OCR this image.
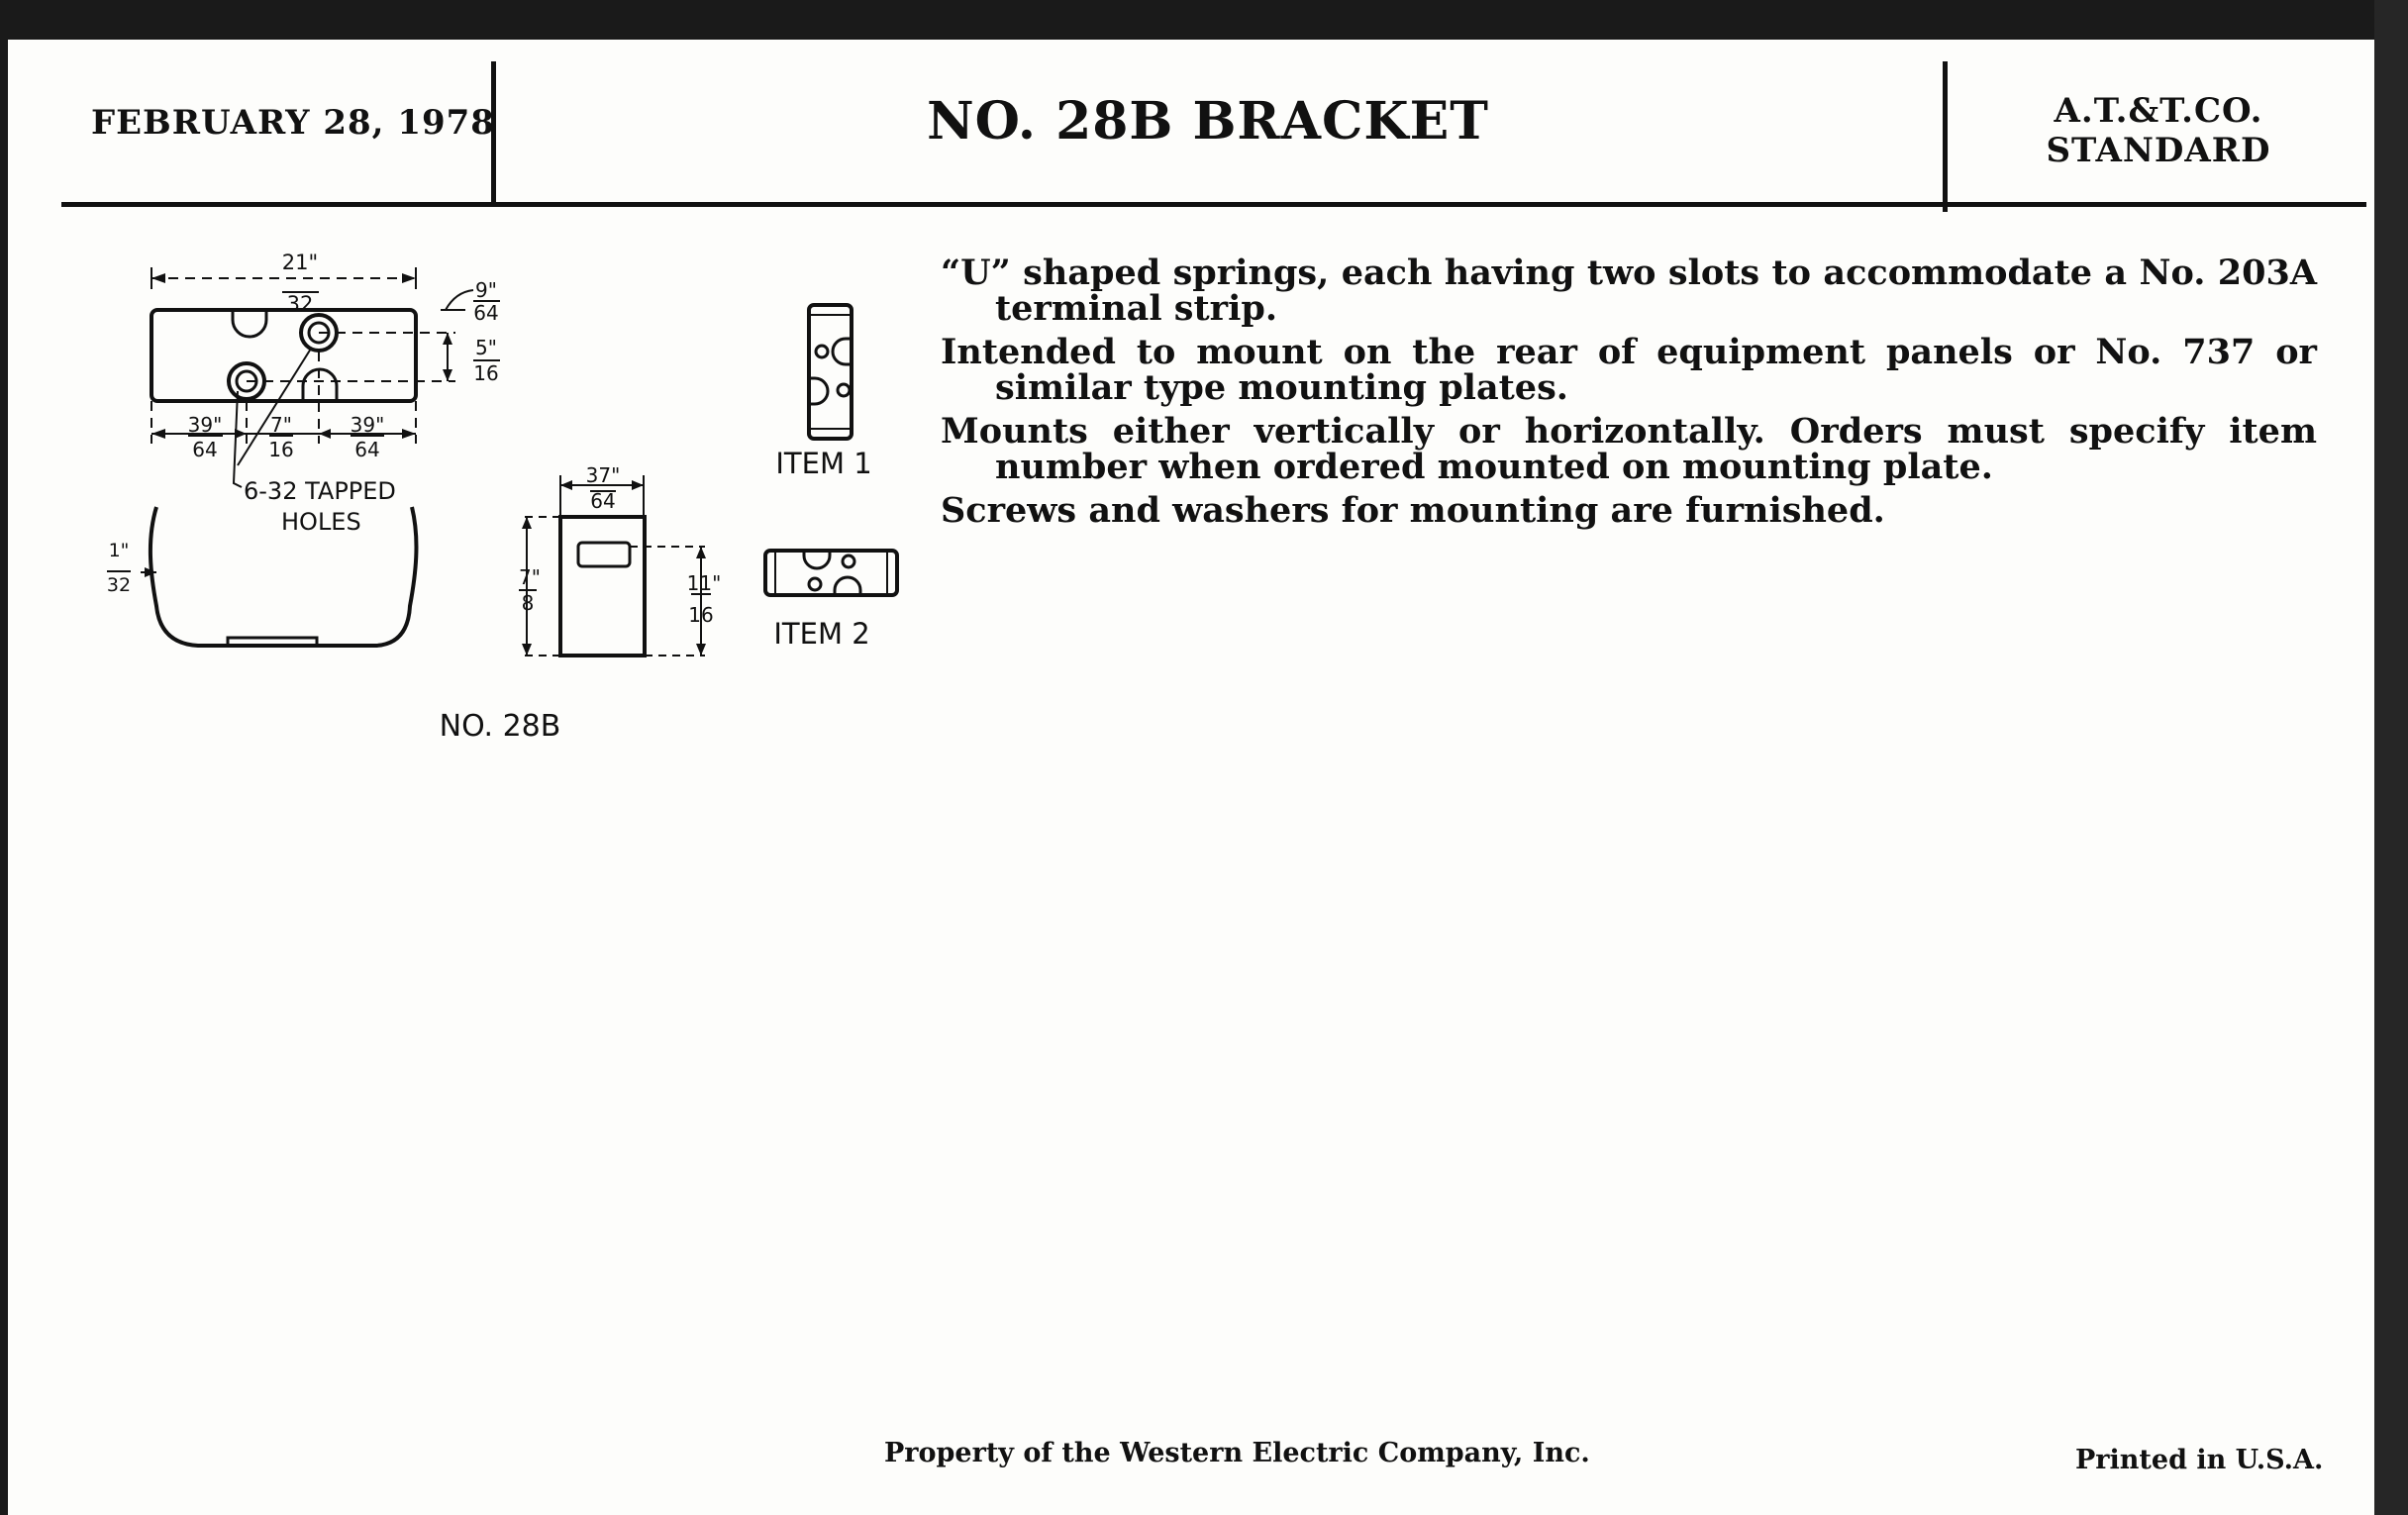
FEBRUARY 28, 1978	NO. 28B BRACKET	A.T.&T.CO.
STANDARD

“U” shaped springs, each having two slots to accommodate a No. 203A terminal strip.

Intended to mount on the rear of equipment panels or No. 737 or similar type mounting plates.

Mounts either vertically or horizontally. Orders must specify item number when ordered mounted on mounting plate.

Screws and washers for mounting are furnished.

21"
32
9"
64
5"
16
39"
64
7"
16
39"
64
6-32 TAPPED
HOLES
1"
32
37"
64
7"
8
11"
16
ITEM 1
ITEM 2
NO. 28B
Property of the Western Electric Company, Inc.	Printed in U.S.A.
